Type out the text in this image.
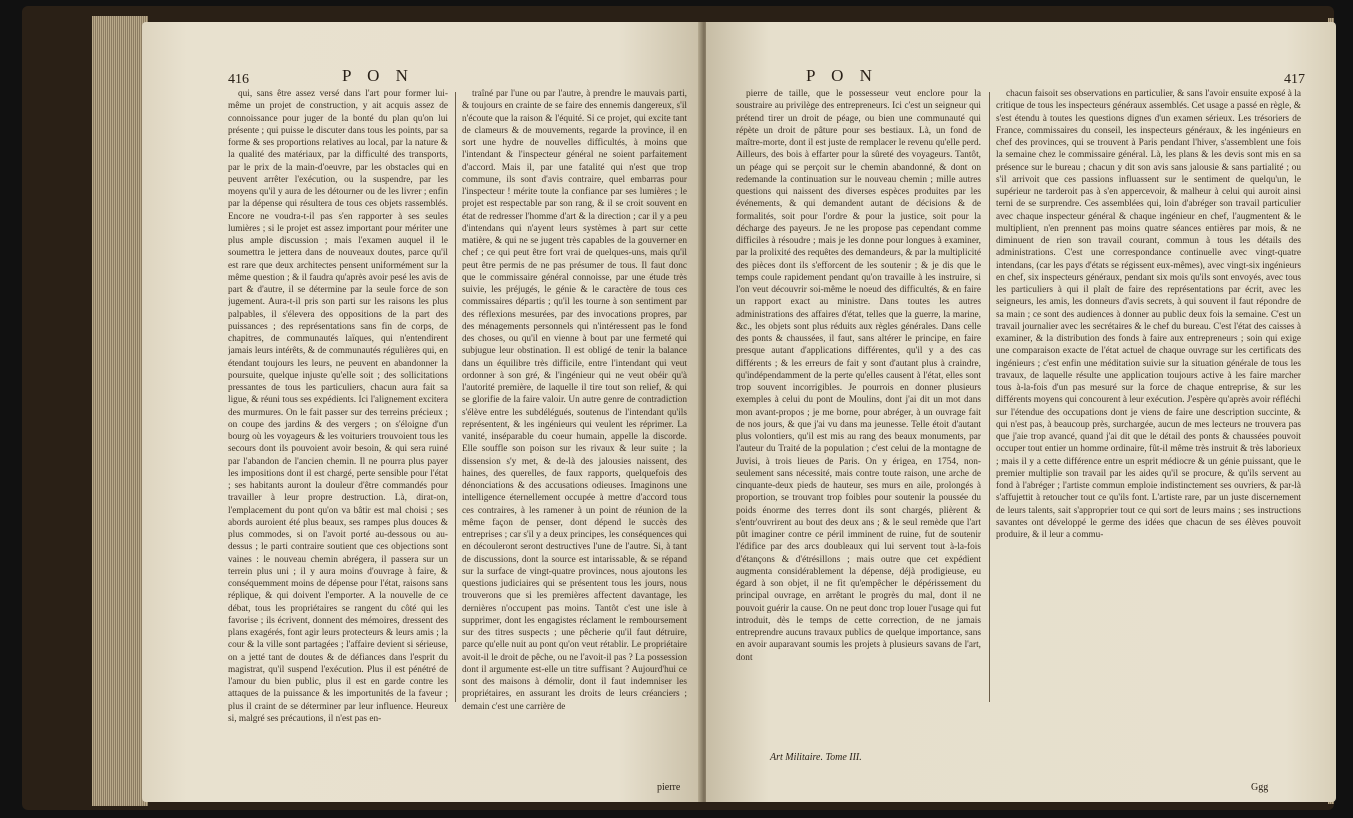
416	P O N

qui, sans être assez versé dans l'art pour former lui-même un projet de construction, y ait acquis assez de connoissance pour juger de la bonté du plan qu'on lui présente ; qui puisse le discuter dans tous les points, par sa forme & ses proportions relatives au local, par la nature & la qualité des matériaux, par la difficulté des transports, par le prix de la main-d'oeuvre, par les obstacles qui en peuvent arrêter l'exécution, ou la suspendre, par les moyens qu'il y aura de les détourner ou de les livrer ; enfin par la dépense qui résultera de tous ces objets rassemblés. Encore ne voudra-t-il pas s'en rapporter à ses seules lumières ; si le projet est assez important pour mériter une plus ample discussion ; mais l'examen auquel il le soumettra le jettera dans de nouveaux doutes, parce qu'il est rare que deux architectes pensent uniformément sur la même question ; & il faudra qu'après avoir pesé les avis de part & d'autre, il se détermine par la seule force de son jugement. Aura-t-il pris son parti sur les raisons les plus palpables, il s'élevera des oppositions de la part des puissances ; des représentations sans fin de corps, de chapitres, de communautés laïques, qui n'entendirent jamais leurs intérêts, & de communautés régulières qui, en étendant toujours les leurs, ne peuvent en abandonner la poursuite, quelque injuste qu'elle soit ; des sollicitations pressantes de tous les particuliers, chacun aura fait sa ligue, & réuni tous ses expédients. Ici l'alignement excitera des murmures. On le fait passer sur des terreins précieux ; on coupe des jardins & des vergers ; on s'éloigne d'un bourg où les voyageurs & les voituriers trouvoient tous les secours dont ils pouvoient avoir besoin, & qui sera ruiné par l'abandon de l'ancien chemin. Il ne pourra plus payer les impositions dont il est chargé, perte sensible pour l'état ; ses habitants auront la douleur d'être commandés pour travailler à leur propre destruction. Là, dirat-on, l'emplacement du pont qu'on va bâtir est mal choisi ; ses abords auroient été plus beaux, ses rampes plus douces & plus commodes, si on l'avoit porté au-dessous ou au-dessus ; le parti contraire soutient que ces objections sont vaines : le nouveau chemin abrégera, il passera sur un terrein plus uni ; il y aura moins d'ouvrage à faire, & conséquemment moins de dépense pour l'état, raisons sans réplique, & qui doivent l'emporter. A la nouvelle de ce débat, tous les propriétaires se rangent du côté qui les favorise ; ils écrivent, donnent des mémoires, dressent des plans exagérés, font agir leurs protecteurs & leurs amis ; la cour & la ville sont partagées ; l'affaire devient si sérieuse, on a jetté tant de doutes & de défiances dans l'esprit du magistrat, qu'il suspend l'exécution. Plus il est pénétré de l'amour du bien public, plus il est en garde contre les attaques de la puissance & les importunités de la faveur ; plus il craint de se déterminer par leur influence. Heureux si, malgré ses précautions, il n'est pas en-

traîné par l'une ou par l'autre, à prendre le mauvais parti, & toujours en crainte de se faire des ennemis dangereux, s'il n'écoute que la raison & l'équité. Si ce projet, qui excite tant de clameurs & de mouvements, regarde la province, il en sort une hydre de nouvelles difficultés, à moins que l'intendant & l'inspecteur général ne soient parfaitement d'accord. Mais il, par une fatalité qui n'est que trop commune, ils sont d'avis contraire, quel embarras pour l'inspecteur ! mérite toute la confiance par ses lumières ; le projet est respectable par son rang, & il se croit souvent en état de redresser l'homme d'art & la direction ; car il y a peu d'intendans qui n'ayent leurs systèmes à part sur cette matière, & qui ne se jugent très capables de la gouverner en chef ; ce qui peut être fort vrai de quelques-uns, mais qu'il peut être permis de ne pas présumer de tous. Il faut donc que le commissaire général connoisse, par une étude très suivie, les préjugés, le génie & le caractère de tous ces commissaires départis ; qu'il les tourne à son sentiment par des réflexions mesurées, par des invocations propres, par des ménagements personnels qui n'intéressent pas le fond des choses, ou qu'il en vienne à bout par une fermeté qui subjugue leur obstination. Il est obligé de tenir la balance dans un équilibre très difficile, entre l'intendant qui veut ordonner à son gré, & l'ingénieur qui ne veut obéir qu'à l'autorité première, de laquelle il tire tout son relief, & qui se glorifie de la faire valoir. Un autre genre de contradiction s'élève entre les subdélégués, soutenus de l'intendant qu'ils représentent, & les ingénieurs qui veulent les réprimer. La vanité, inséparable du coeur humain, appelle la discorde. Elle souffle son poison sur les rivaux & leur suite ; la dissension s'y met, & de-là des jalousies naissent, des haines, des querelles, de faux rapports, quelquefois des dénonciations & des accusations odieuses. Imaginons une intelligence éternellement occupée à mettre d'accord tous ces contraires, à les ramener à un point de réunion de la même façon de penser, dont dépend le succès des entreprises ; car s'il y a deux principes, les conséquences qui en découleront seront destructives l'une de l'autre. Si, à tant de discussions, dont la source est intarissable, & se répand sur la surface de vingt-quatre provinces, nous ajoutons les questions judiciaires qui se présentent tous les jours, nous trouverons que si les premières affectent davantage, les dernières n'occupent pas moins. Tantôt c'est une isle à supprimer, dont les engagistes réclament le remboursement sur des titres suspects ; une pêcherie qu'il faut détruire, parce qu'elle nuit au pont qu'on veut rétablir. Le propriétaire avoit-il le droit de pêche, ou ne l'avoit-il pas ? La possession dont il argumente est-elle un titre suffisant ? Aujourd'hui ce sont des maisons à démolir, dont il faut indemniser les propriétaires, en assurant les droits de leurs créanciers ; demain c'est une carrière de

pierre
P O N	417

pierre de taille, que le possesseur veut enclore pour la soustraire au privilège des entrepreneurs. Ici c'est un seigneur qui prétend tirer un droit de péage, ou bien une communauté qui répète un droit de pâture pour ses bestiaux. Là, un fond de maître-morte, dont il est juste de remplacer le revenu qu'elle perd. Ailleurs, des bois à effarter pour la sûreté des voyageurs. Tantôt, un péage qui se perçoit sur le chemin abandonné, & dont on redemande la continuation sur le nouveau chemin ; mille autres questions qui naissent des diverses espèces produites par les événements, & qui demandent autant de décisions & de formalités, soit pour l'ordre & pour la justice, soit pour la décharge des payeurs. Je ne les propose pas cependant comme difficiles à résoudre ; mais je les donne pour longues à examiner, par la prolixité des requêtes des demandeurs, & par la multiplicité des pièces dont ils s'efforcent de les soutenir ; & je dis que le temps coule rapidement pendant qu'on travaille à les instruire, si l'on veut découvrir soi-même le noeud des difficultés, & en faire un rapport exact au ministre. Dans toutes les autres administrations des affaires d'état, telles que la guerre, la marine, &c., les objets sont plus réduits aux règles générales. Dans celle des ponts & chaussées, il faut, sans altérer le principe, en faire presque autant d'applications différentes, qu'il y a des cas différents ; & les erreurs de fait y sont d'autant plus à craindre, qu'indépendamment de la perte qu'elles causent à l'état, elles sont trop souvent incorrigibles. Je pourrois en donner plusieurs exemples à celui du pont de Moulins, dont j'ai dit un mot dans mon avant-propos ; je me borne, pour abréger, à un ouvrage fait de nos jours, & que j'ai vu dans ma jeunesse. Telle étoit d'autant plus volontiers, qu'il est mis au rang des beaux monuments, par l'auteur du Traité de la population ; c'est celui de la montagne de Juvisi, à trois lieues de Paris. On y érigea, en 1754, non-seulement sans nécessité, mais contre toute raison, une arche de cinquante-deux pieds de hauteur, ses murs en aile, prolongés à proportion, se trouvant trop foibles pour soutenir la poussée du poids énorme des terres dont ils sont chargés, plièrent & s'entr'ouvrirent au bout des deux ans ; & le seul remède que l'art pût imaginer contre ce péril imminent de ruine, fut de soutenir l'édifice par des arcs doubleaux qui lui servent tout à-la-fois d'étançons & d'étrésillons ; mais outre que cet expédient augmenta considérablement la dépense, déjà prodigieuse, eu égard à son objet, il ne fit qu'empêcher le dépérissement du principal ouvrage, en arrêtant le progrès du mal, dont il ne pouvoit guérir la cause. On ne peut donc trop louer l'usage qui fut introduit, dès le temps de cette correction, de ne jamais entreprendre aucuns travaux publics de quelque importance, sans en avoir auparavant soumis les projets à plusieurs savans de l'art, dont

chacun faisoit ses observations en particulier, & sans l'avoir ensuite exposé à la critique de tous les inspecteurs généraux assemblés. Cet usage a passé en règle, & s'est étendu à toutes les questions dignes d'un examen sérieux. Les trésoriers de France, commissaires du conseil, les inspecteurs généraux, & les ingénieurs en chef des provinces, qui se trouvent à Paris pendant l'hiver, s'assemblent une fois la semaine chez le commissaire général. Là, les plans & les devis sont mis en sa présence sur le bureau ; chacun y dit son avis sans jalousie & sans partialité ; ou s'il arrivoit que ces passions influassent sur le sentiment de quelqu'un, le supérieur ne tarderoit pas à s'en appercevoir, & malheur à celui qui auroit ainsi terni de se surprendre. Ces assemblées qui, loin d'abréger son travail particulier avec chaque inspecteur général & chaque ingénieur en chef, l'augmentent & le multiplient, n'en prennent pas moins quatre séances entières par mois, & ne diminuent de rien son travail courant, commun à tous les détails des administrations. C'est une correspondance continuelle avec vingt-quatre intendans, (car les pays d'états se régissent eux-mêmes), avec vingt-six ingénieurs en chef, six inspecteurs généraux, pendant six mois qu'ils sont envoyés, avec tous les particuliers à qui il plaît de faire des représentations par écrit, avec les seigneurs, les amis, les donneurs d'avis secrets, à qui souvent il faut répondre de sa main ; ce sont des audiences à donner au public deux fois la semaine. C'est un travail journalier avec les secrétaires & le chef du bureau. C'est l'état des caisses à examiner, & la distribution des fonds à faire aux entrepreneurs ; soin qui exige une comparaison exacte de l'état actuel de chaque ouvrage sur les certificats des ingénieurs ; c'est enfin une méditation suivie sur la situation générale de tous les travaux, de laquelle résulte une application toujours active à les faire marcher tous à-la-fois d'un pas mesuré sur la force de chaque entreprise, & sur les différents moyens qui concourent à leur exécution. J'espère qu'après avoir réfléchi sur l'étendue des occupations dont je viens de faire une description succinte, & qui n'est pas, à beaucoup près, surchargée, aucun de mes lecteurs ne trouvera pas que j'aie trop avancé, quand j'ai dit que le détail des ponts & chaussées pouvoit occuper tout entier un homme ordinaire, fût-il même très instruit & très laborieux ; mais il y a cette différence entre un esprit médiocre & un génie puissant, que le premier multiplie son travail par les aides qu'il se procure, & qu'ils servent au fond à l'abréger ; l'artiste commun emploie indistinctement ses ouvriers, & par-là s'affujettit à retoucher tout ce qu'ils font. L'artiste rare, par un juste discernement de leurs talents, sait s'approprier tout ce qui sort de leurs mains ; ses instructions savantes ont développé le germe des idées que chacun de ses élèves pouvoit produire, & il leur a commu-

Art Militaire. Tome III.
Ggg
